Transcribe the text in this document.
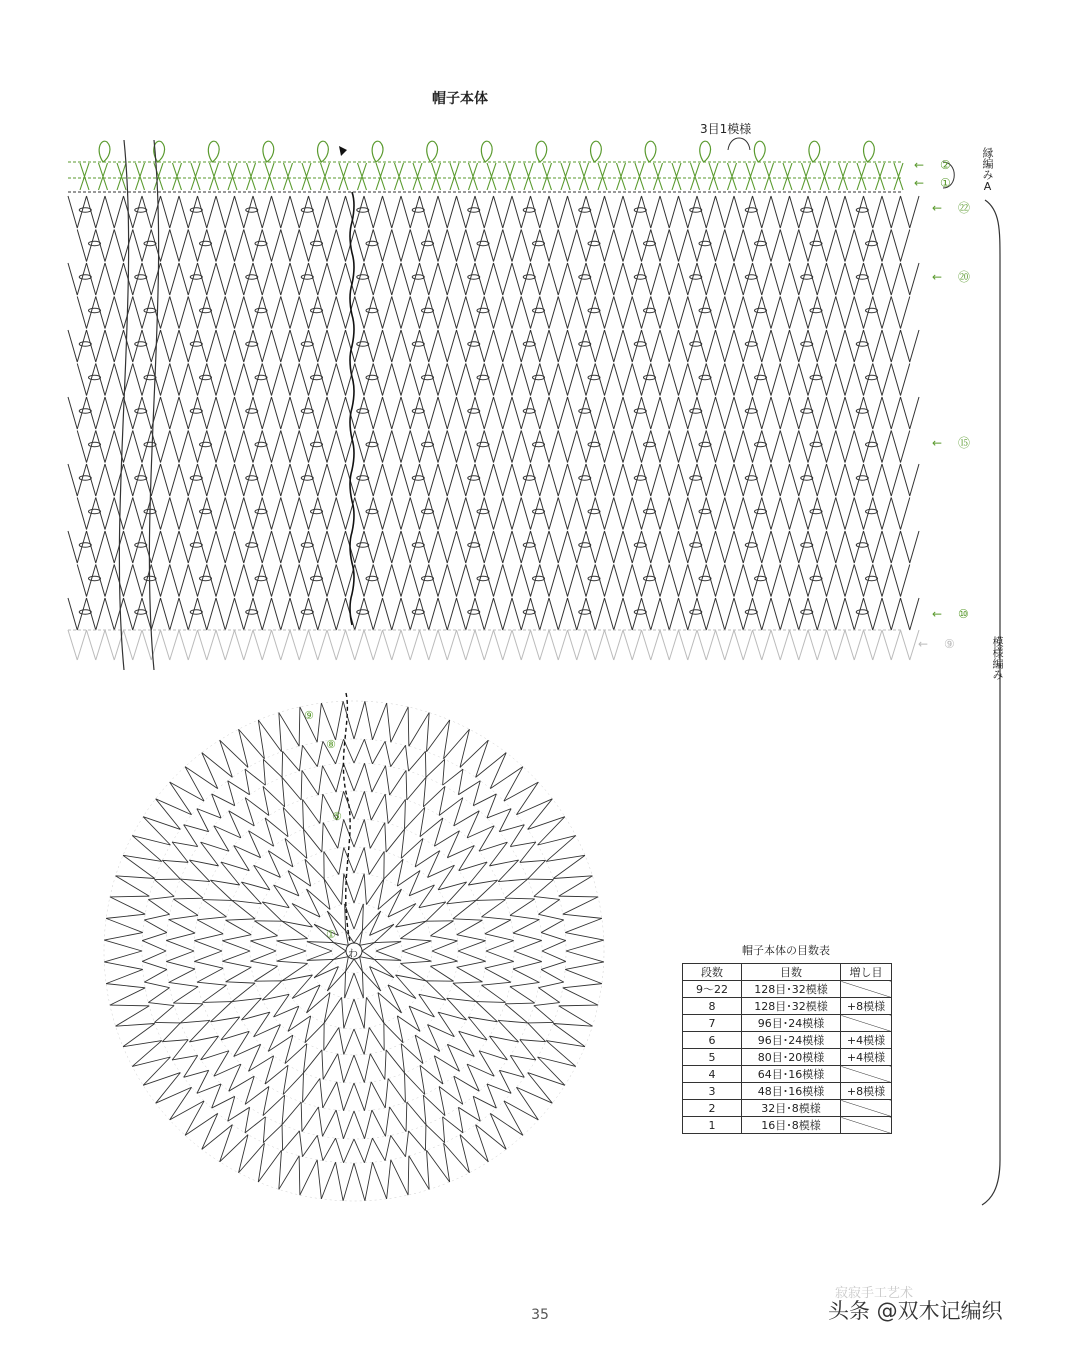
帽子本体
3目1模様
← ②
← ①
← ㉒
← ⑳
← ⑮
← ⑩
← ⑨
縁編みA
模様編み
⑨
⑧
⑤
①
わ	帽子本体の目数表
段数	目数	増し目
9〜22	128目･32模様	
8	128目･32模様	+8模様
7	96目･24模様	
6	96目･24模様	+4模様
5	80目･20模様	+4模様
4	64目･16模様	
3	48目･16模様	+8模様
2	32目･8模様	
1	16目･8模様	
35
寂寂手工艺术
头条 @双木记编织
